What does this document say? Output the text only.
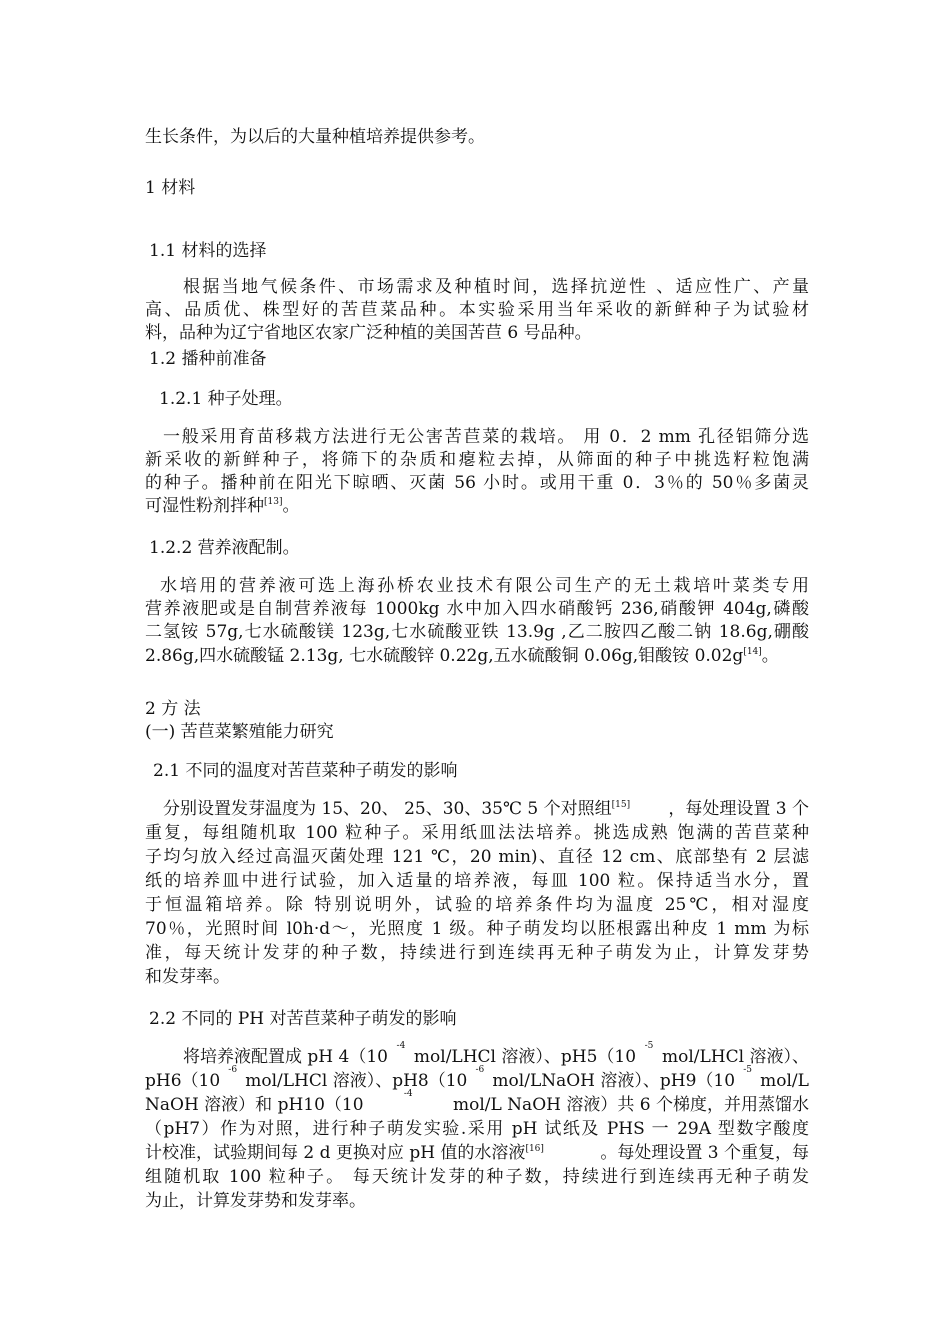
生长条件，为以后的大量种植培养提供参考。
1 材料
1.1 材料的选择
根据当地气候条件、市场需求及种植时间，选择抗逆性 、适应性广、产量
高、品质优、株型好的苦苣菜品种。本实验采用当年采收的新鲜种子为试验材
料，品种为辽宁省地区农家广泛种植的美国苦苣 6 号品种。
1.2 播种前准备
1.2.1 种子处理。
一般采用育苗移栽方法进行无公害苦苣菜的栽培。 用 0．2 mm 孔径铝筛分选
新采收的新鲜种子，将筛下的杂质和瘪粒去掉，从筛面的种子中挑选籽粒饱满
的种子。播种前在阳光下晾晒、灭菌 56 小时。或用干重 0．3％的 50％多菌灵
可湿性粉剂拌种[13]。
1.2.2 营养液配制。
水培用的营养液可选上海孙桥农业技术有限公司生产的无土栽培叶菜类专用
营养液肥或是自制营养液每 1000kg 水中加入四水硝酸钙 236,硝酸钾 404g,磷酸
二氢铵 57g,七水硫酸镁 123g,七水硫酸亚铁 13.9g ,乙二胺四乙酸二钠 18.6g,硼酸
2.86g,四水硫酸锰 2.13g, 七水硫酸锌 0.22g,五水硫酸铜 0.06g,钼酸铵 0.02g[14]。
2 方 法
(一) 苦苣菜繁殖能力研究
2.1 不同的温度对苦苣菜种子萌发的影响
分别设置发芽温度为 15、20、 25、30、35℃ 5 个对照组[15] ，每处理设置 3 个
重复，每组随机取 100 粒种子。采用纸皿法法培养。挑选成熟 饱满的苦苣菜种
子均匀放入经过高温灭菌处理 121 ℃，20 min)、直径 12 cm、底部垫有 2 层滤
纸的培养皿中进行试验，加入适量的培养液，每皿 100 粒。保持适当水分，置
于恒温箱培养。除 特别说明外，试验的培养条件均为温度 25℃，相对湿度
70％，光照时间 l0h·d～，光照度 1 级。种子萌发均以胚根露出种皮 1 mm 为标
准，每天统计发芽的种子数，持续进行到连续再无种子萌发为止，计算发芽势
和发芽率。
2.2 不同的 PH 对苦苣菜种子萌发的影响
将培养液配置成 pH 4（10
-4
mol/LHCl 溶液）、pH5（10
-5
mol/LHCl 溶液）、
pH6（10
-6
mol/LHCl 溶液）、pH8（10
-6
mol/LNaOH 溶液）、pH9（10
-5
mol/L
NaOH 溶液）和 pH10（10
-4
mol/L NaOH 溶液）共 6 个梯度，并用蒸馏水
（pH7）作为对照，进行种子萌发实验.采用 pH 试纸及 PHS 一 29A 型数字酸度
计校准，试验期间每 2 d 更换对应 pH 值的水溶液[16]	。每处理设置 3 个重复，每
组随机取 100 粒种子。 每天统计发芽的种子数，持续进行到连续再无种子萌发
为止，计算发芽势和发芽率。
